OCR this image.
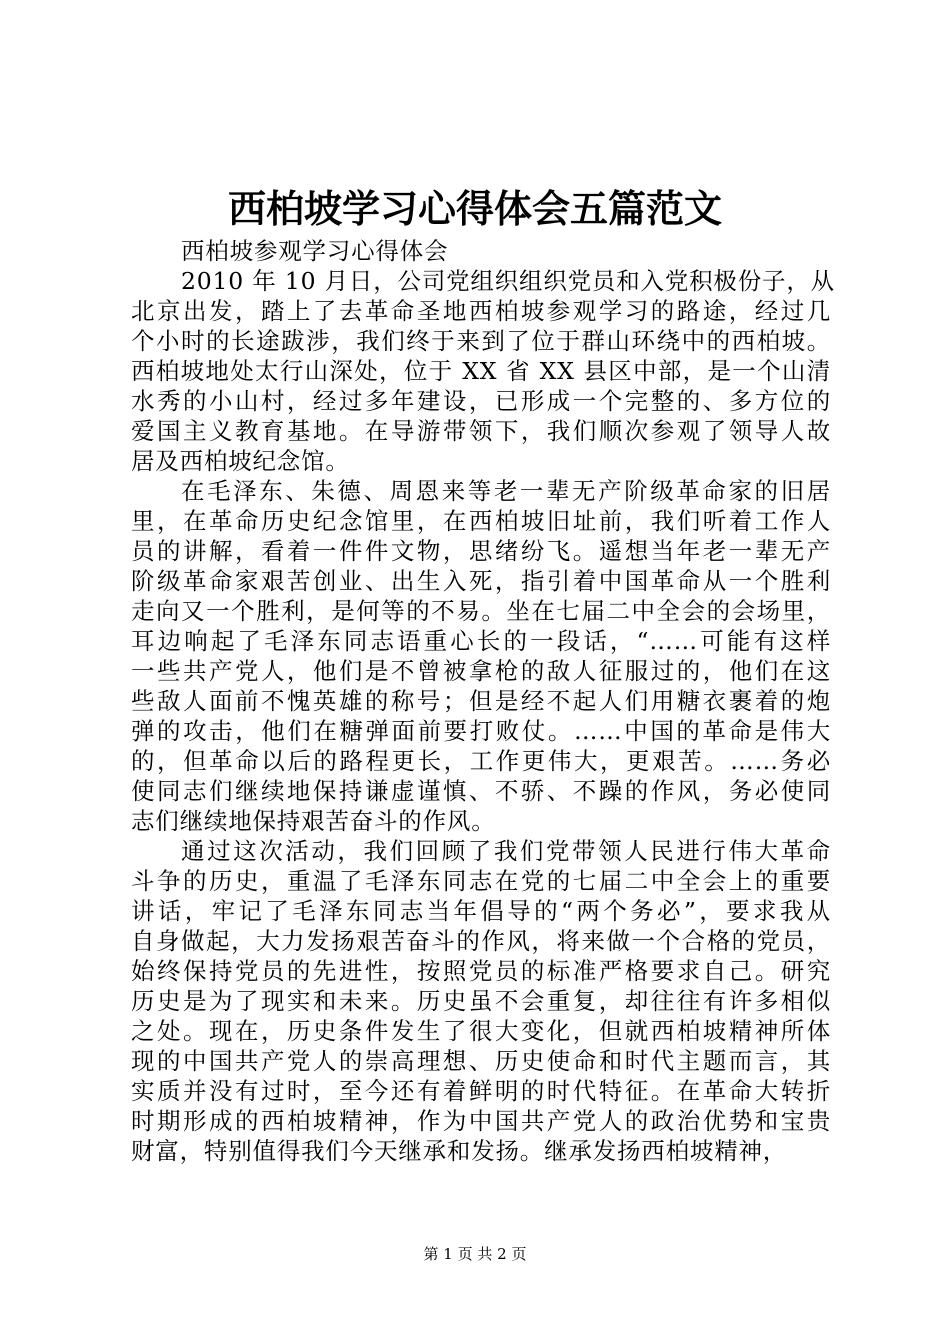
西柏坡学习心得体会五篇范文

西柏坡参观学习心得体会

2010 年 10 月日，公司党组织组织党员和入党积极份子，从
北京出发，踏上了去革命圣地西柏坡参观学习的路途，经过几
个小时的长途跋涉，我们终于来到了位于群山环绕中的西柏坡。
西柏坡地处太行山深处，位于 XX 省 XX 县区中部，是一个山清
水秀的小山村，经过多年建设，已形成一个完整的、多方位的
爱国主义教育基地。在导游带领下，我们顺次参观了领导人故
居及西柏坡纪念馆。

在毛泽东、朱德、周恩来等老一辈无产阶级革命家的旧居
里，在革命历史纪念馆里，在西柏坡旧址前，我们听着工作人
员的讲解，看着一件件文物，思绪纷飞。遥想当年老一辈无产
阶级革命家艰苦创业、出生入死，指引着中国革命从一个胜利
走向又一个胜利，是何等的不易。坐在七届二中全会的会场里，
耳边响起了毛泽东同志语重心长的一段话，“……可能有这样
一些共产党人，他们是不曾被拿枪的敌人征服过的，他们在这
些敌人面前不愧英雄的称号；但是经不起人们用糖衣裹着的炮
弹的攻击，他们在糖弹面前要打败仗。……中国的革命是伟大
的，但革命以后的路程更长，工作更伟大，更艰苦。……务必
使同志们继续地保持谦虚谨慎、不骄、不躁的作风，务必使同
志们继续地保持艰苦奋斗的作风。

通过这次活动，我们回顾了我们党带领人民进行伟大革命
斗争的历史，重温了毛泽东同志在党的七届二中全会上的重要
讲话，牢记了毛泽东同志当年倡导的“两个务必”，要求我从
自身做起，大力发扬艰苦奋斗的作风，将来做一个合格的党员，
始终保持党员的先进性，按照党员的标准严格要求自己。研究
历史是为了现实和未来。历史虽不会重复，却往往有许多相似
之处。现在，历史条件发生了很大变化，但就西柏坡精神所体
现的中国共产党人的崇高理想、历史使命和时代主题而言，其
实质并没有过时，至今还有着鲜明的时代特征。在革命大转折
时期形成的西柏坡精神，作为中国共产党人的政治优势和宝贵
财富，特别值得我们今天继承和发扬。继承发扬西柏坡精神，

第 1 页 共 2 页
